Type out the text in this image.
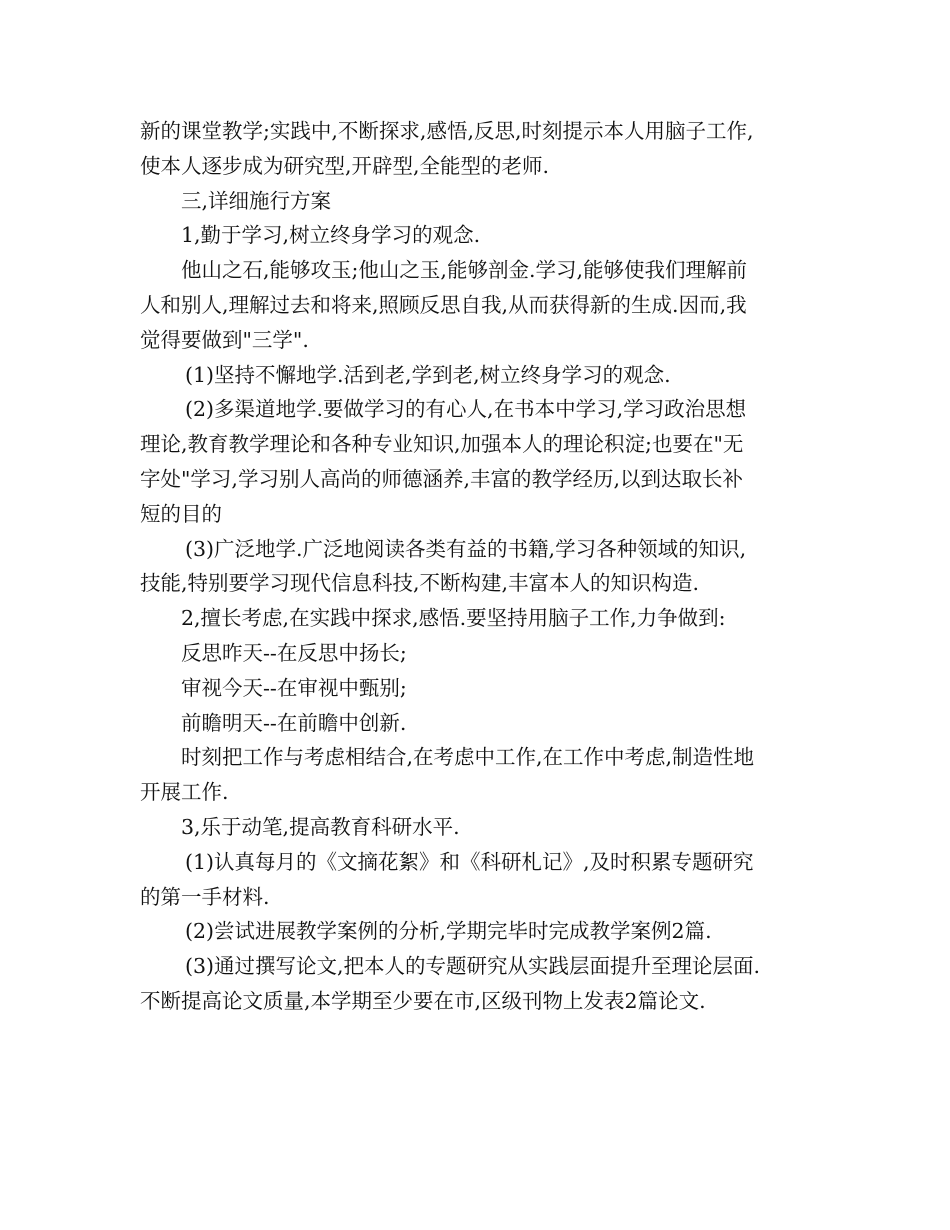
新的课堂教学;实践中,不断探求,感悟,反思,时刻提示本人用脑子工作,
使本人逐步成为研究型,开辟型,全能型的老师.
三,详细施行方案
1,勤于学习,树立终身学习的观念.
他山之石,能够攻玉;他山之玉,能够剖金.学习,能够使我们理解前
人和别人,理解过去和将来,照顾反思自我,从而获得新的生成.因而,我
觉得要做到"三学".
(1)坚持不懈地学.活到老,学到老,树立终身学习的观念.
(2)多渠道地学.要做学习的有心人,在书本中学习,学习政治思想
理论,教育教学理论和各种专业知识,加强本人的理论积淀;也要在"无
字处"学习,学习别人高尚的师德涵养,丰富的教学经历,以到达取长补
短的目的
(3)广泛地学.广泛地阅读各类有益的书籍,学习各种领域的知识,
技能,特别要学习现代信息科技,不断构建,丰富本人的知识构造.
2,擅长考虑,在实践中探求,感悟.要坚持用脑子工作,力争做到:
反思昨天--在反思中扬长;
审视今天--在审视中甄别;
前瞻明天--在前瞻中创新.
时刻把工作与考虑相结合,在考虑中工作,在工作中考虑,制造性地
开展工作.
3,乐于动笔,提高教育科研水平.
(1)认真每月的《文摘花絮》和《科研札记》,及时积累专题研究
的第一手材料.
(2)尝试进展教学案例的分析,学期完毕时完成教学案例2篇.
(3)通过撰写论文,把本人的专题研究从实践层面提升至理论层面.
不断提高论文质量,本学期至少要在市,区级刊物上发表2篇论文.
